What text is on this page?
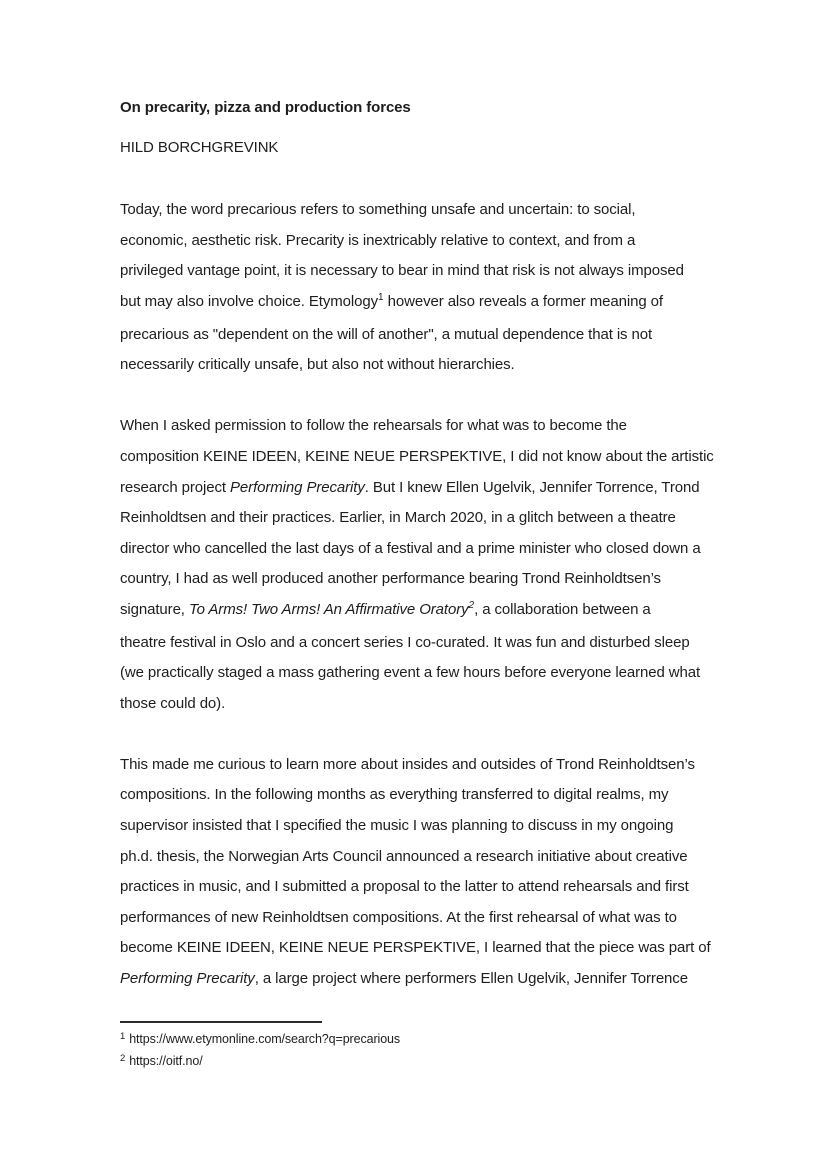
On precarity, pizza and production forces
HILD BORCHGREVINK

Today, the word precarious refers to something unsafe and uncertain: to social,
economic, aesthetic risk. Precarity is inextricably relative to context, and from a
privileged vantage point, it is necessary to bear in mind that risk is not always imposed
but may also involve choice. Etymology$^1$ however also reveals a former meaning of
precarious as "dependent on the will of another", a mutual dependence that is not
necessarily critically unsafe, but also not without hierarchies.

When I asked permission to follow the rehearsals for what was to become the
composition KEINE IDEEN, KEINE NEUE PERSPEKTIVE, I did not know about the artistic
research project Performing Precarity. But I knew Ellen Ugelvik, Jennifer Torrence, Trond
Reinholdtsen and their practices. Earlier, in March 2020, in a glitch between a theatre
director who cancelled the last days of a festival and a prime minister who closed down a
country, I had as well produced another performance bearing Trond Reinholdtsen’s
signature, To Arms! Two Arms! An Affirmative Oratory$^2$, a collaboration between a
theatre festival in Oslo and a concert series I co-curated. It was fun and disturbed sleep
(we practically staged a mass gathering event a few hours before everyone learned what
those could do).

This made me curious to learn more about insides and outsides of Trond Reinholdtsen’s
compositions. In the following months as everything transferred to digital realms, my
supervisor insisted that I specified the music I was planning to discuss in my ongoing
ph.d. thesis, the Norwegian Arts Council announced a research initiative about creative
practices in music, and I submitted a proposal to the latter to attend rehearsals and first
performances of new Reinholdtsen compositions. At the first rehearsal of what was to
become KEINE IDEEN, KEINE NEUE PERSPEKTIVE, I learned that the piece was part of
Performing Precarity, a large project where performers Ellen Ugelvik, Jennifer Torrence

$^1$ https://www.etymonline.com/search?q=precarious
$^2$ https://oitf.no/
